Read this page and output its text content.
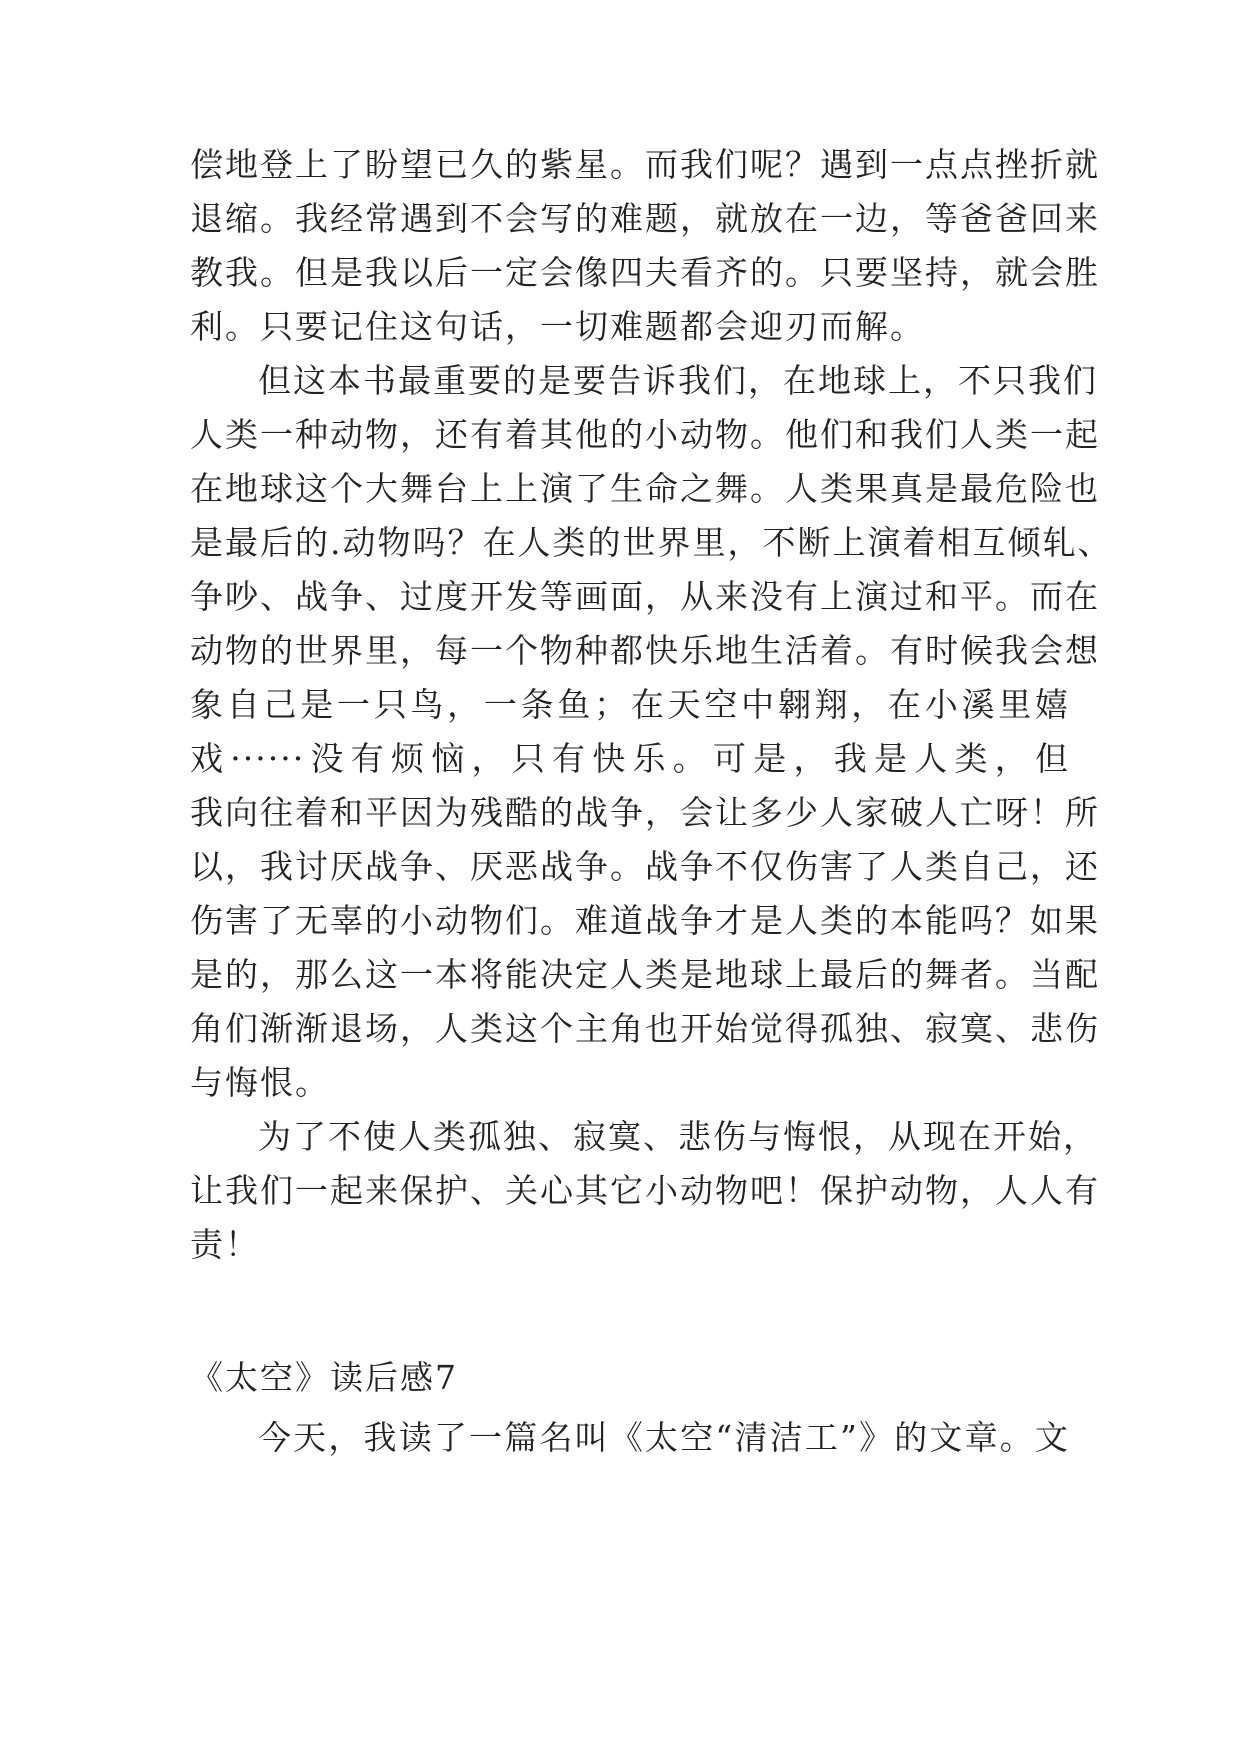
偿地登上了盼望已久的紫星。而我们呢？遇到一点点挫折就
退缩。我经常遇到不会写的难题，就放在一边，等爸爸回来
教我。但是我以后一定会像四夫看齐的。只要坚持，就会胜
利。只要记住这句话，一切难题都会迎刃而解。
但这本书最重要的是要告诉我们，在地球上，不只我们
人类一种动物，还有着其他的小动物。他们和我们人类一起
在地球这个大舞台上上演了生命之舞。人类果真是最危险也
是最后的.动物吗？在人类的世界里，不断上演着相互倾轧、
争吵、战争、过度开发等画面，从来没有上演过和平。而在
动物的世界里，每一个物种都快乐地生活着。有时候我会想
象自己是一只鸟，一条鱼；在天空中翱翔，在小溪里嬉
戏······没有烦恼，只有快乐。可是，我是人类，但
我向往着和平因为残酷的战争，会让多少人家破人亡呀！所
以，我讨厌战争、厌恶战争。战争不仅伤害了人类自己，还
伤害了无辜的小动物们。难道战争才是人类的本能吗？如果
是的，那么这一本将能决定人类是地球上最后的舞者。当配
角们渐渐退场，人类这个主角也开始觉得孤独、寂寞、悲伤
与悔恨。
为了不使人类孤独、寂寞、悲伤与悔恨，从现在开始，
让我们一起来保护、关心其它小动物吧！保护动物，人人有
责！
《太空》读后感7
今天，我读了一篇名叫《太空“清洁工”》的文章。文
